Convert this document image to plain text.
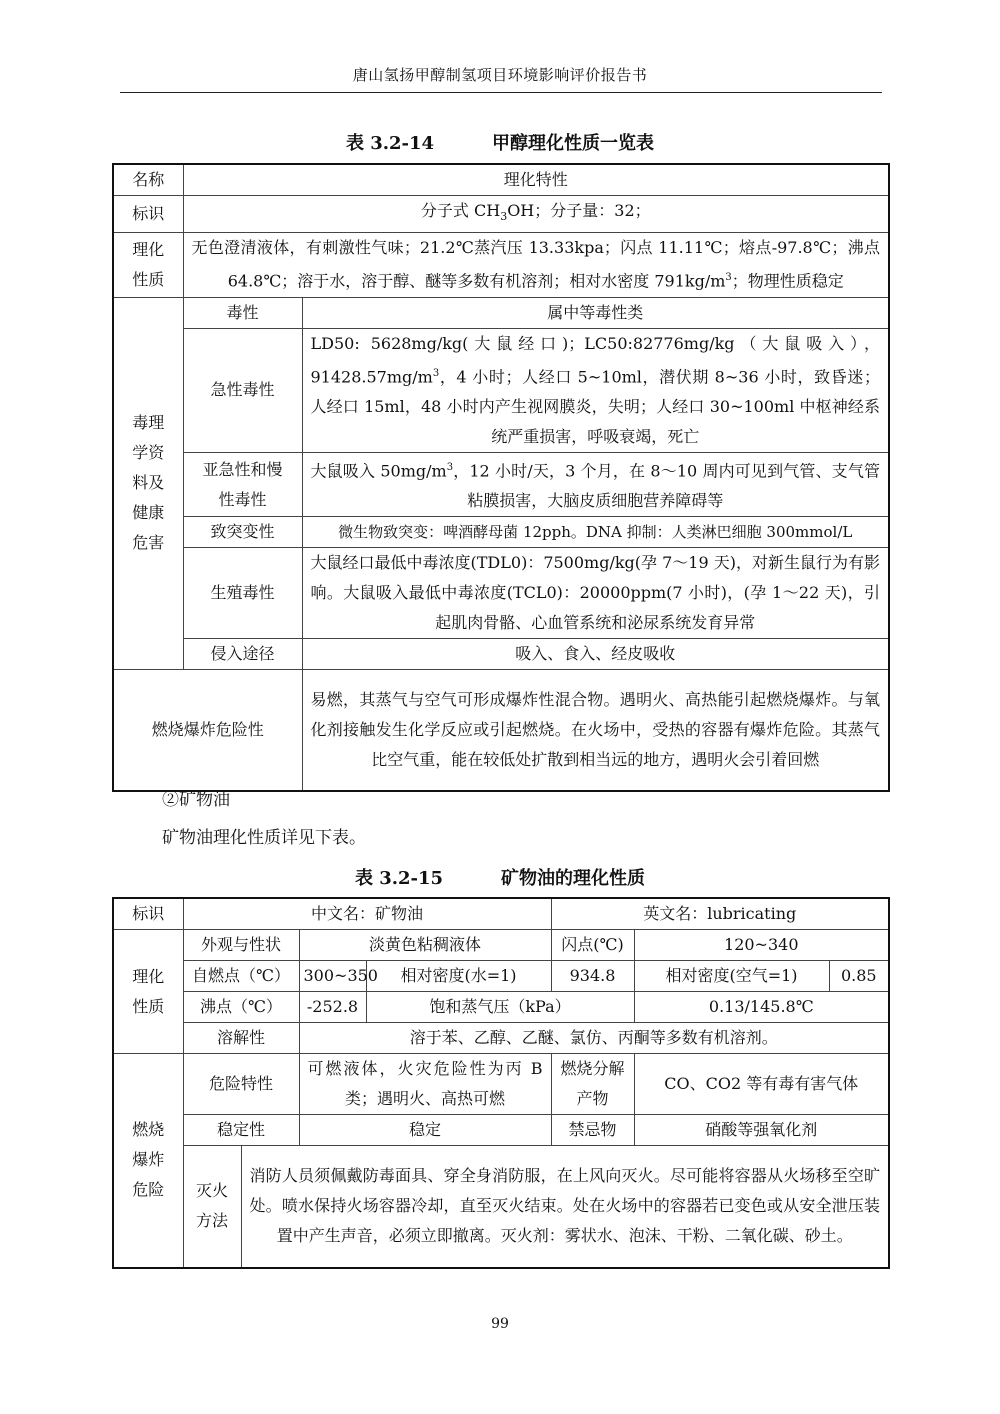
唐山氢扬甲醇制氢项目环境影响评价报告书
表 3.2-14	甲醇理化性质一览表
名称	理化特性	
标识	分子式 $CH_3OH$；分子量：32；	

理化性质	无色澄清液体，有刺激性气味；21.2℃蒸汽压 13.33kpa；闪点 11.11℃；熔点-97.8℃；沸点64.8℃；溶于水，溶于醇、醚等多数有机溶剂；相对水密度 $791kg/m^3$；物理性质稳定	

毒理学资料及健康危害	毒性	属中等毒性类
	急性毒性	LD50: 5628mg/kg(大鼠经口)；LC50:82776mg/kg（大鼠吸入），$91428.57mg/m^3$，4 小时；人经口 5~10ml，潜伏期 8~36 小时，致昏迷；人经口 15ml，48 小时内产生视网膜炎，失明；人经口 30~100ml 中枢神经系统严重损害，呼吸衰竭，死亡

	亚急性和慢性毒性	大鼠吸入 $50mg/m^3$，12 小时/天，3 个月，在 8～10 周内可见到气管、支气管粘膜损害，大脑皮质细胞营养障碍等
	致突变性	微生物致突变：啤酒酵母菌 12pph。DNA 抑制：人类淋巴细胞 300mmol/L
	生殖毒性	大鼠经口最低中毒浓度(TDL0)：7500mg/kg(孕 7～19 天)，对新生鼠行为有影响。大鼠吸入最低中毒浓度(TCL0)：20000ppm(7 小时)，(孕 1～22 天)，引起肌肉骨骼、心血管系统和泌尿系统发育异常
	侵入途径	吸入、食入、经皮吸收
燃烧爆炸危险性		易燃，其蒸气与空气可形成爆炸性混合物。遇明火、高热能引起燃烧爆炸。与氧化剂接触发生化学反应或引起燃烧。在火场中，受热的容器有爆炸危险。其蒸气比空气重，能在较低处扩散到相当远的地方，遇明火会引着回燃
②矿物油
矿物油理化性质详见下表。
表 3.2-15	矿物油的理化性质
标识	中文名：矿物油				英文名：lubricating		

理化性质	外观与性状		淡黄色粘稠液体		闪点(℃)	120~340	
	自燃点（℃）		300~350	相对密度(水=1)	934.8	相对密度(空气=1)	0.85
	沸点（℃）		-252.8	饱和蒸气压（kPa）		0.13/145.8℃	
	溶解性		溶于苯、乙醇、乙醚、氯仿、丙酮等多数有机溶剂。				

燃烧爆炸危险	危险特性		可燃液体，火灾危险性为丙 B 类；遇明火、高热可燃		燃烧分解产物	CO、CO2 等有毒有害气体	
	稳定性		稳定		禁忌物	硝酸等强氧化剂	

	灭火方法	消防人员须佩戴防毒面具、穿全身消防服，在上风向灭火。尽可能将容器从火场移至空旷处。喷水保持火场容器冷却，直至灭火结束。处在火场中的容器若已变色或从安全泄压装置中产生声音，必须立即撤离。灭火剂：雾状水、泡沫、干粉、二氧化碳、砂土。					
99
